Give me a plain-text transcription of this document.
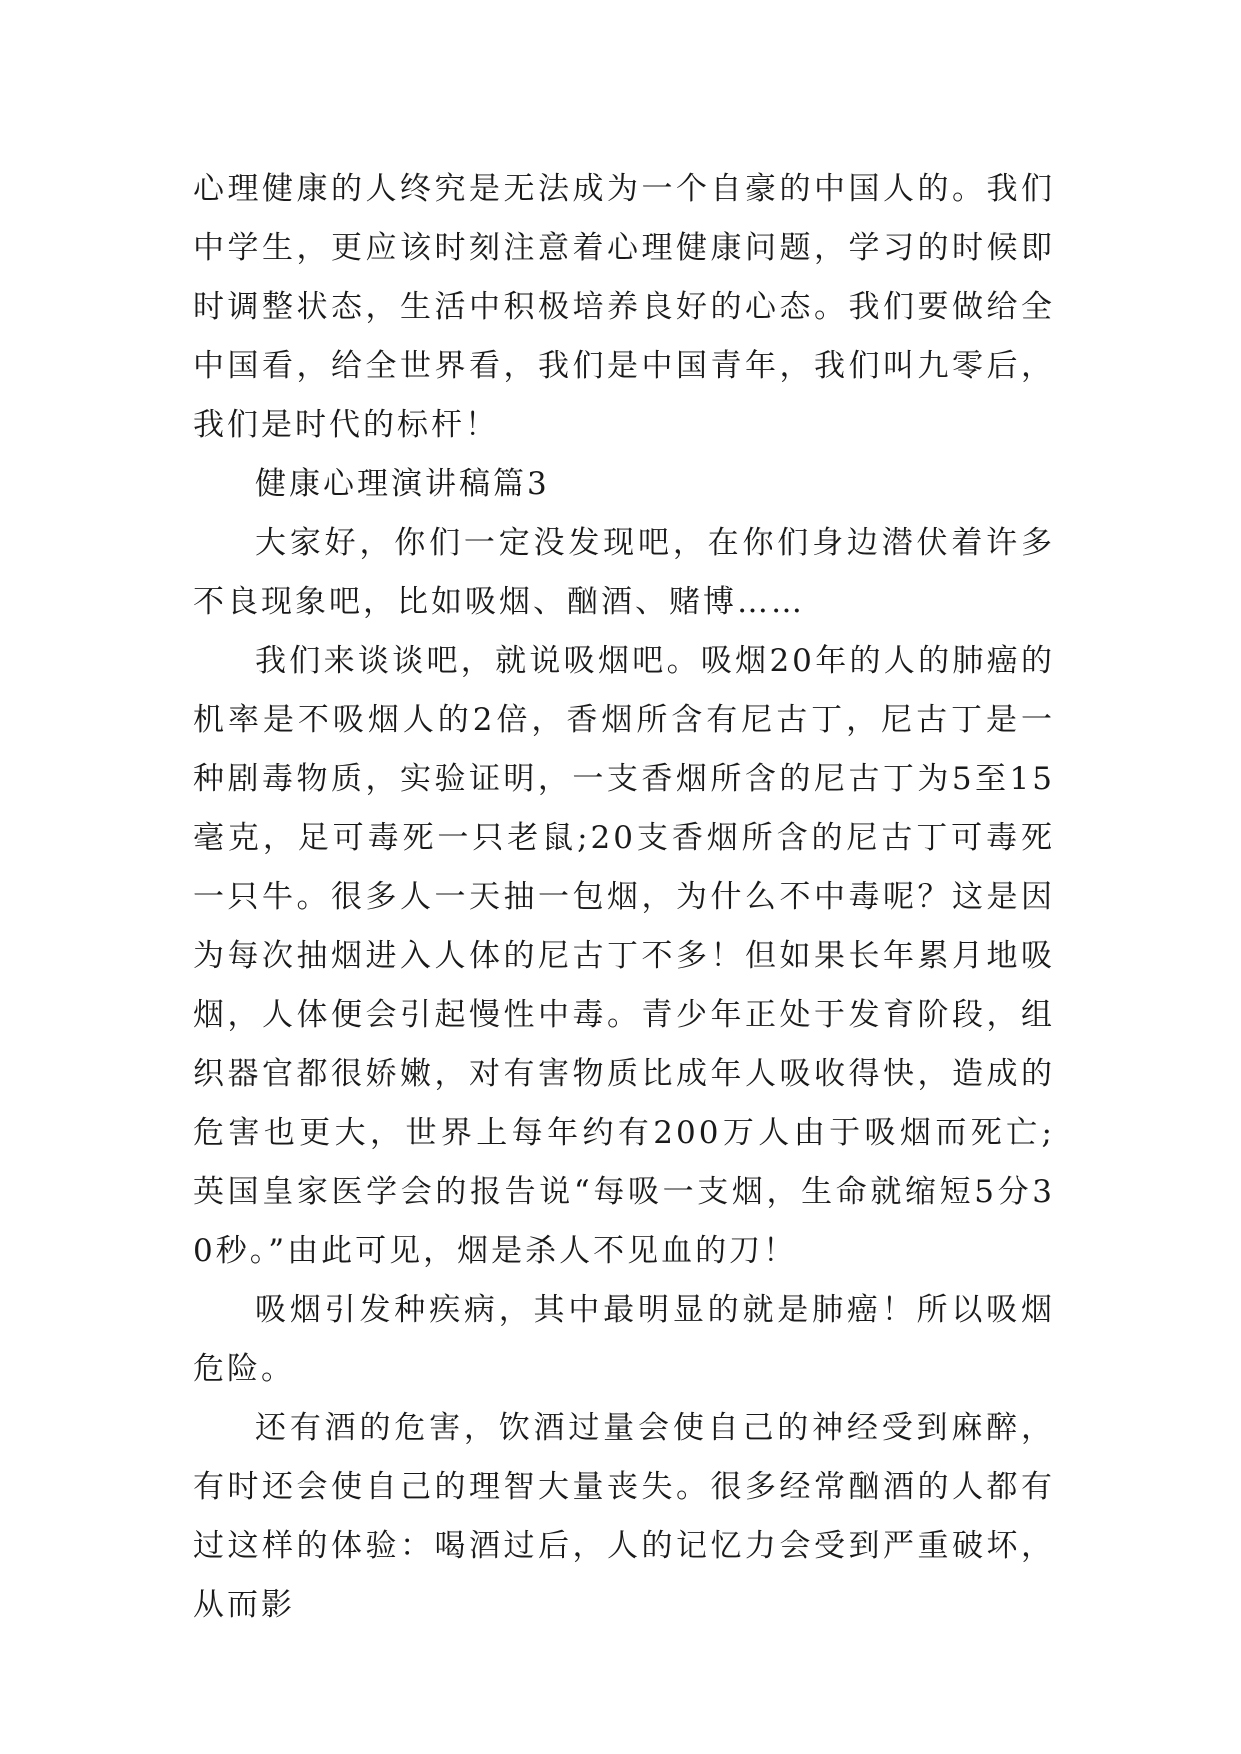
心理健康的人终究是无法成为一个自豪的中国人的。我们中学生，更应该时刻注意着心理健康问题，学习的时候即时调整状态，生活中积极培养良好的心态。我们要做给全中国看，给全世界看，我们是中国青年，我们叫九零后，我们是时代的标杆！

健康心理演讲稿篇3

大家好，你们一定没发现吧，在你们身边潜伏着许多不良现象吧，比如吸烟、酗酒、赌博……

我们来谈谈吧，就说吸烟吧。吸烟20年的人的肺癌的机率是不吸烟人的2倍，香烟所含有尼古丁，尼古丁是一种剧毒物质，实验证明，一支香烟所含的尼古丁为5至15毫克，足可毒死一只老鼠;20支香烟所含的尼古丁可毒死一只牛。很多人一天抽一包烟，为什么不中毒呢？这是因为每次抽烟进入人体的尼古丁不多！但如果长年累月地吸烟，人体便会引起慢性中毒。青少年正处于发育阶段，组织器官都很娇嫩，对有害物质比成年人吸收得快，造成的危害也更大，世界上每年约有200万人由于吸烟而死亡;英国皇家医学会的报告说“每吸一支烟，生命就缩短5分30秒。”由此可见，烟是杀人不见血的刀！

吸烟引发种疾病，其中最明显的就是肺癌！所以吸烟危险。

还有酒的危害，饮酒过量会使自己的神经受到麻醉，有时还会使自己的理智大量丧失。很多经常酗酒的人都有过这样的体验：喝酒过后，人的记忆力会受到严重破坏，从而影
